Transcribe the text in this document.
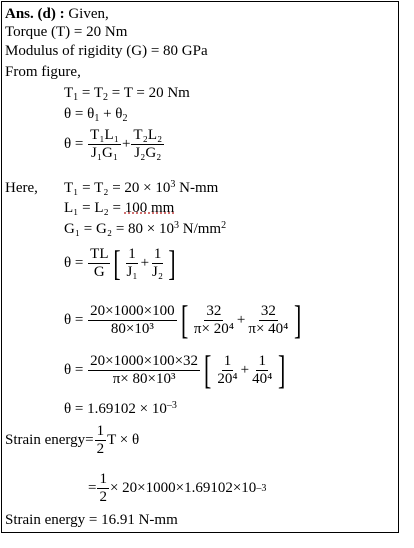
Ans. (d) : Given,
Torque (T) = 20 Nm
Modulus of rigidity (G) = 80 GPa
From figure,
$T_1 = T_2 = T = 20$ Nm
$\theta = \theta_1 + \theta_2$
θ =
$\frac{\text{T₁L₁}}{\text{J₁G₁}} + \frac{\text{T₂L₂}}{\text{J₂G₂}}$
Here, $T_1 = T_2 = 20 \times 10^3$ N-mm
L₁ = L₂ = 100 mm
$G_1 = G_2 = 80 \times 10^3$ $N/mm^2$
θ =
$\frac{TL}{G}$ [ $\frac{1}{\text{J₁}} + \frac{1}{\text{J₂}}$ ]
θ =
$\frac{20\times 1000\times 100}{\text{80×10³}}$ [ $\frac{32}{\text{π× 20⁴}} + \frac{32}{\text{π× 40⁴}}$ ]
θ =
$\frac{20\times 1000\times 100\times 32}{\text{π× 80×10³}}$ [ $\frac{1}{\text{20⁴}} + \frac{1}{\text{40⁴}}$ ]
$\theta = 1.69102 \times 10^{-3}$
Strain energy = $\frac{1}{2}$ T × θ
= $\frac{1}{2} \times 20\times 1000\times 1.69102\times 10$ –3
Strain energy = 16.91 N-mm
